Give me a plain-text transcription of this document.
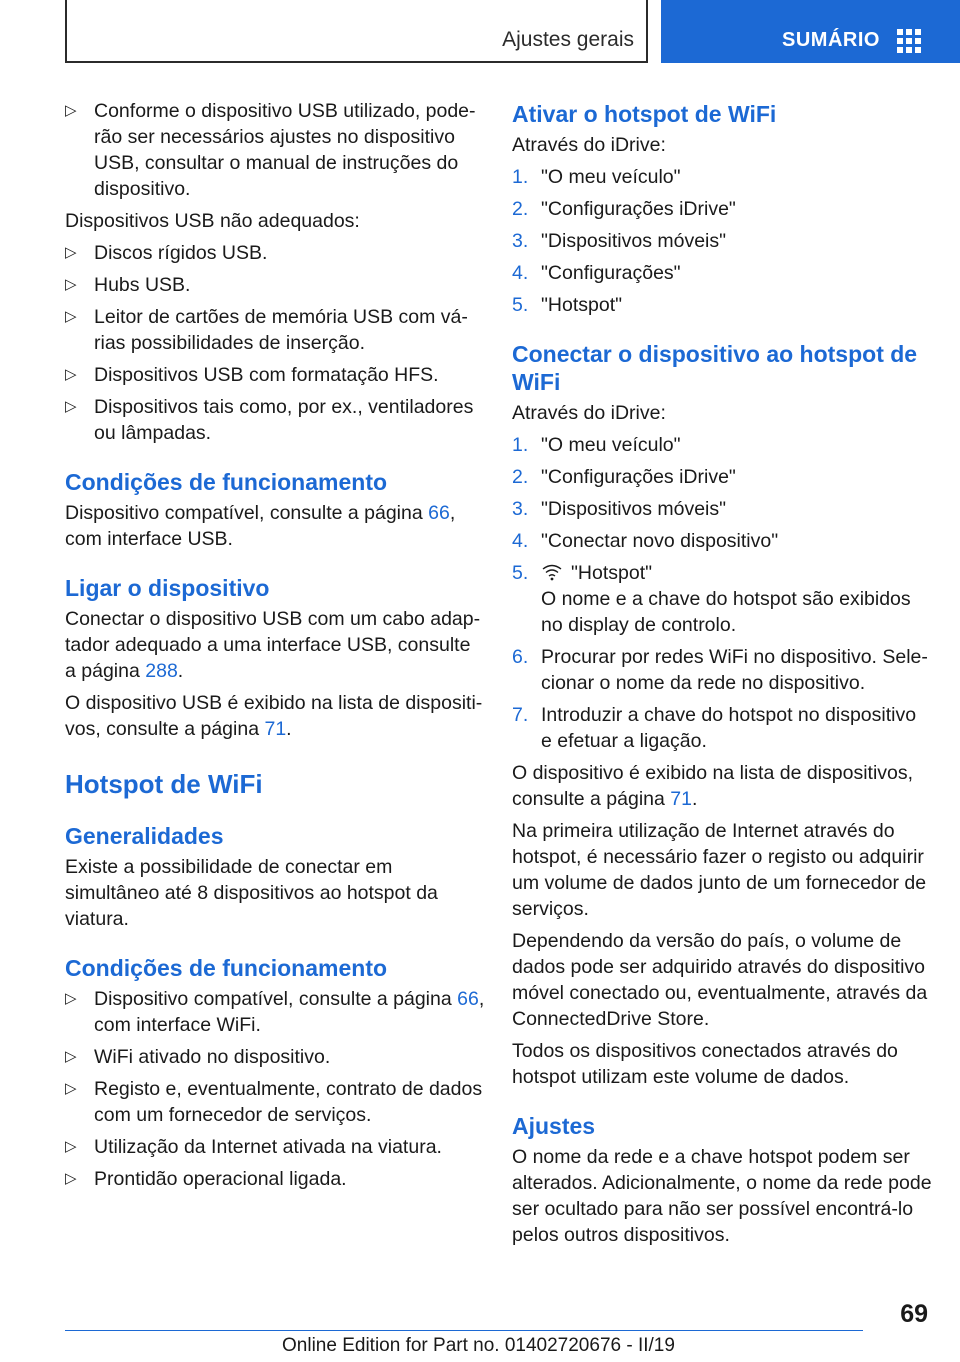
Ajustes gerais	SUMÁRIO
▷ Conforme o dispositivo USB utilizado, poderão ser necessários ajustes no dispositivo USB, consultar o manual de instruções do dispositivo.

Dispositivos USB não adequados:

▷ Discos rígidos USB.
▷ Hubs USB.
▷ Leitor de cartões de memória USB com várias possibilidades de inserção.
▷ Dispositivos USB com formatação HFS.
▷ Dispositivos tais como, por ex., ventiladores ou lâmpadas.
Condições de funcionamento

Dispositivo compatível, consulte a página 66, com interface USB.

Ligar o dispositivo

Conectar o dispositivo USB com um cabo adaptador adequado a uma interface USB, consulte a página 288.

O dispositivo USB é exibido na lista de dispositivos, consulte a página 71.

Hotspot de WiFi
Generalidades

Existe a possibilidade de conectar em simultâneo até 8 dispositivos ao hotspot da viatura.

Condições de funcionamento
▷ Dispositivo compatível, consulte a página 66, com interface WiFi.
▷ WiFi ativado no dispositivo.
▷ Registo e, eventualmente, contrato de dados com um fornecedor de serviços.
▷ Utilização da Internet ativada na viatura.
▷ Prontidão operacional ligada.
Ativar o hotspot de WiFi

Através do iDrive:

1. "O meu veículo"
2. "Configurações iDrive"
3. "Dispositivos móveis"
4. "Configurações"
5. "Hotspot"
Conectar o dispositivo ao hotspot de WiFi

Através do iDrive:

1. "O meu veículo"
2. "Configurações iDrive"
3. "Dispositivos móveis"
4. "Conectar novo dispositivo"
5. "Hotspot"
O nome e a chave do hotspot são exibidos no display de controlo.
6. Procurar por redes WiFi no dispositivo. Selecionar o nome da rede no dispositivo.
7. Introduzir a chave do hotspot no dispositivo e efetuar a ligação.

O dispositivo é exibido na lista de dispositivos, consulte a página 71.

Na primeira utilização de Internet através do hotspot, é necessário fazer o registo ou adquirir um volume de dados junto de um fornecedor de serviços.

Dependendo da versão do país, o volume de dados pode ser adquirido através do dispositivo móvel conectado ou, eventualmente, através da ConnectedDrive Store.

Todos os dispositivos conectados através do hotspot utilizam este volume de dados.

Ajustes

O nome da rede e a chave hotspot podem ser alterados. Adicionalmente, o nome da rede pode ser ocultado para não ser possível encontrá-lo pelos outros dispositivos.

69
Online Edition for Part no. 01402720676 - II/19
